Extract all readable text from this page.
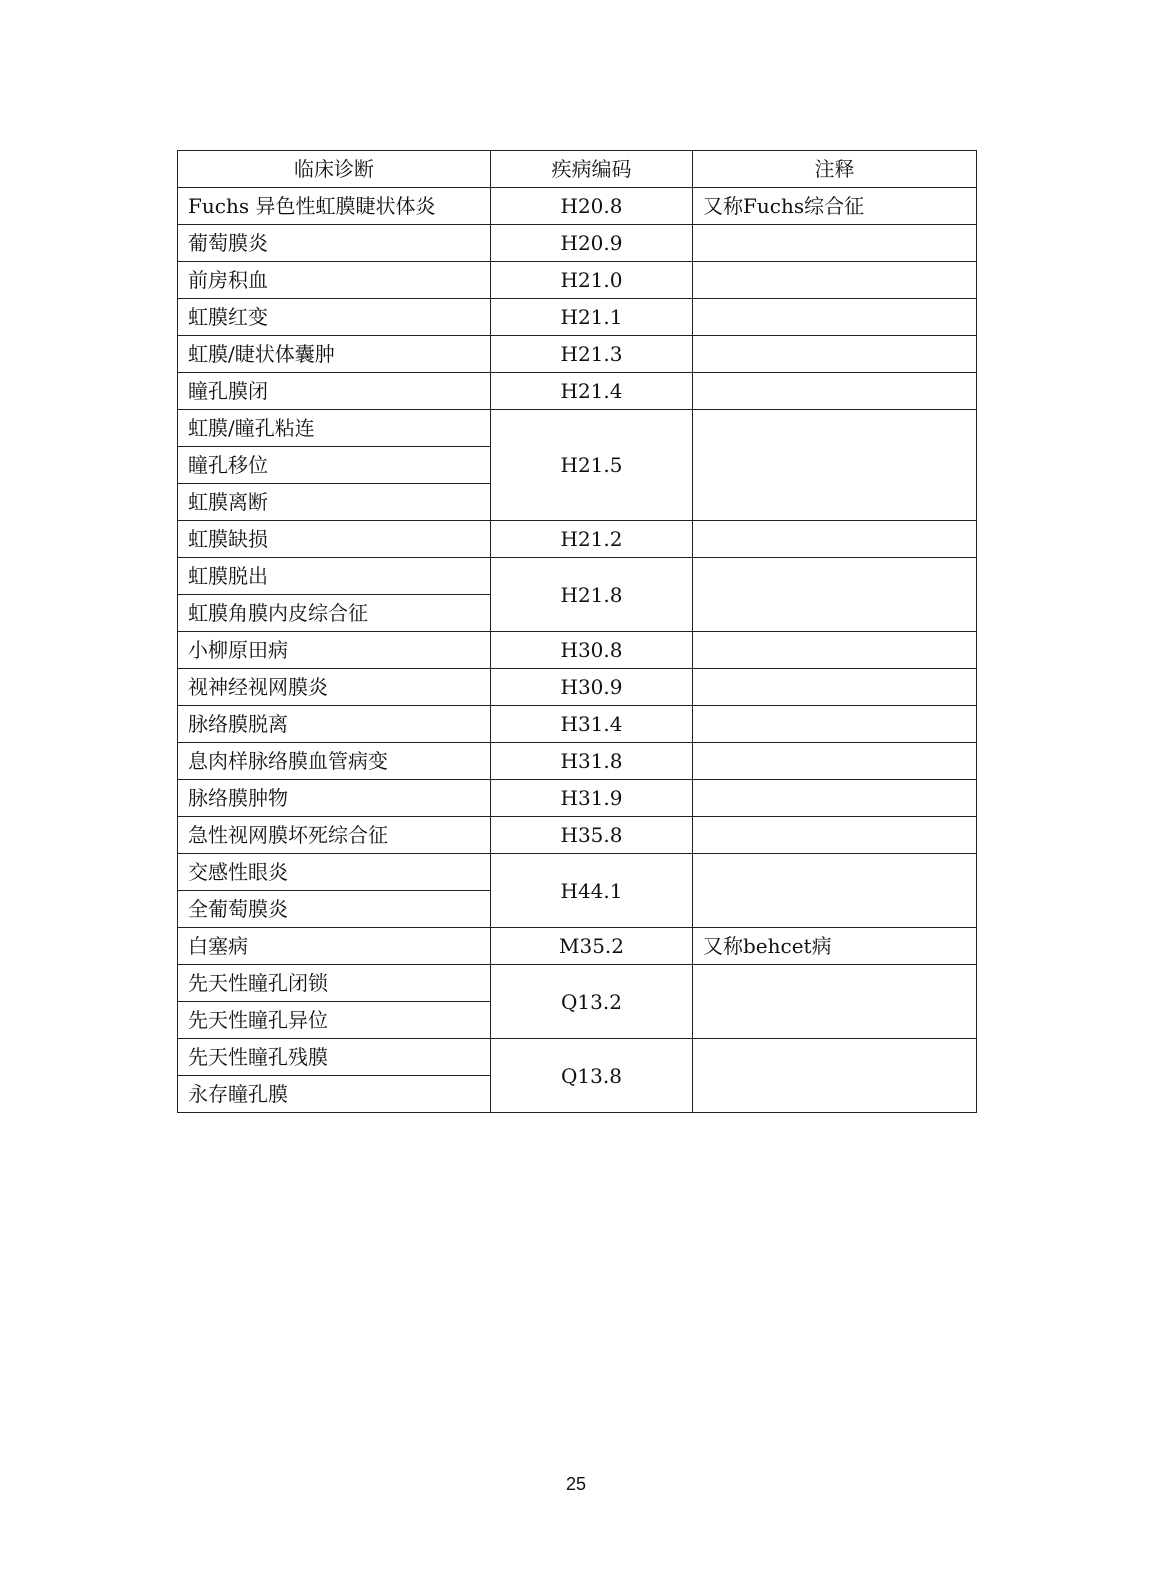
临床诊断	疾病编码	注释
Fuchs 异色性虹膜睫状体炎	H20.8	又称Fuchs综合征
葡萄膜炎	H20.9	
前房积血	H21.0	
虹膜红变	H21.1	
虹膜/睫状体囊肿	H21.3	
瞳孔膜闭	H21.4	
虹膜/瞳孔粘连	H21.5	
瞳孔移位		
虹膜离断		
虹膜缺损	H21.2	
虹膜脱出	H21.8	
虹膜角膜内皮综合征		
小柳原田病	H30.8	
视神经视网膜炎	H30.9	
脉络膜脱离	H31.4	
息肉样脉络膜血管病变	H31.8	
脉络膜肿物	H31.9	
急性视网膜坏死综合征	H35.8	
交感性眼炎	H44.1	
全葡萄膜炎		
白塞病	M35.2	又称behcet病
先天性瞳孔闭锁	Q13.2	
先天性瞳孔异位		
先天性瞳孔残膜	Q13.8	
永存瞳孔膜		
25
